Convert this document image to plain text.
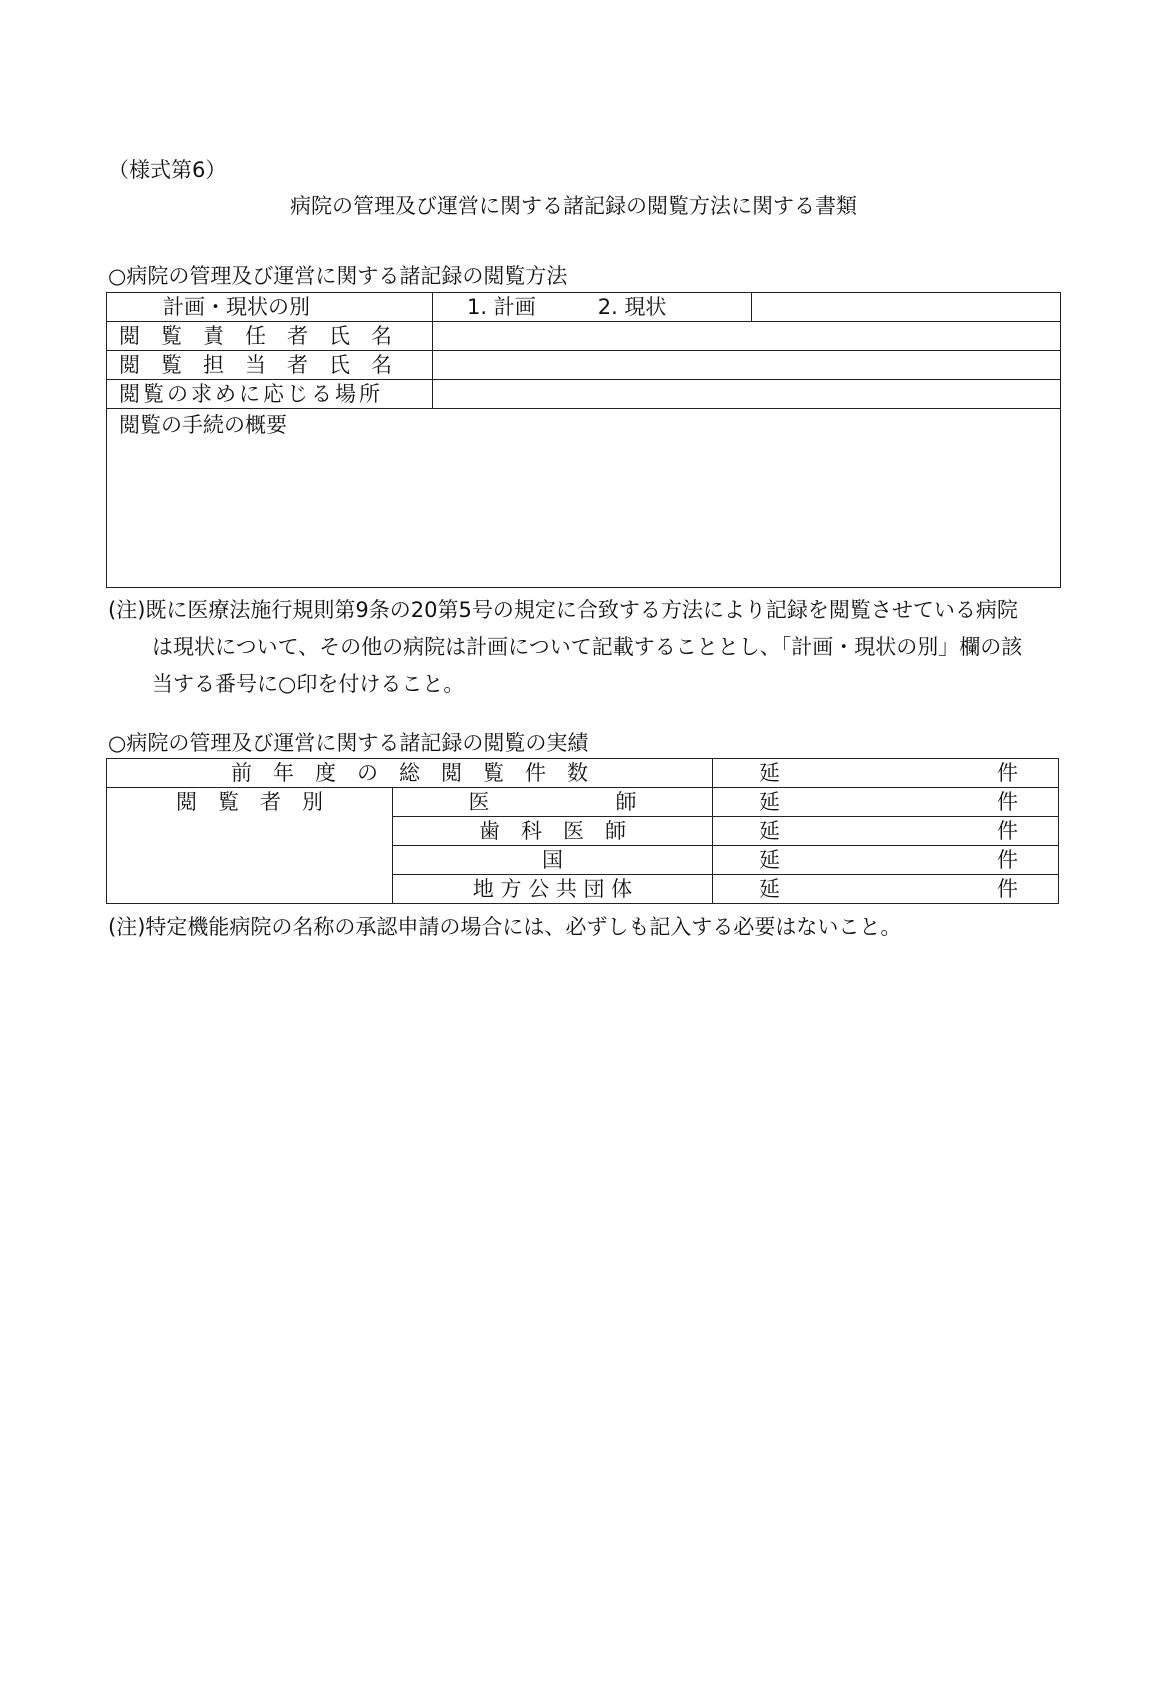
（様式第6）
病院の管理及び運営に関する諸記録の閲覧方法に関する書類
○病院の管理及び運営に関する諸記録の閲覧方法
計画・現状の別	1. 計画 2. 現状	
閲　覧　責　任　者　氏　名		
閲　覧　担　当　者　氏　名		
閲覧の求めに応じる場所		
閲覧の手続の概要		
(注)既に医療法施行規則第9条の20第5号の規定に合致する方法により記録を閲覧させている病院
は現状について、その他の病院は計画について記載することとし、「計画・現状の別」欄の該
当する番号に○印を付けること。
○病院の管理及び運営に関する諸記録の閲覧の実績
前　年　度　の　総　閲　覧　件　数		延 件

閲　覧　者　別	医　　　　　　師	延 件

	歯　科　医　師	延 件

	国	延 件

	地 方 公 共 団 体	延 件
(注)特定機能病院の名称の承認申請の場合には、必ずしも記入する必要はないこと。
